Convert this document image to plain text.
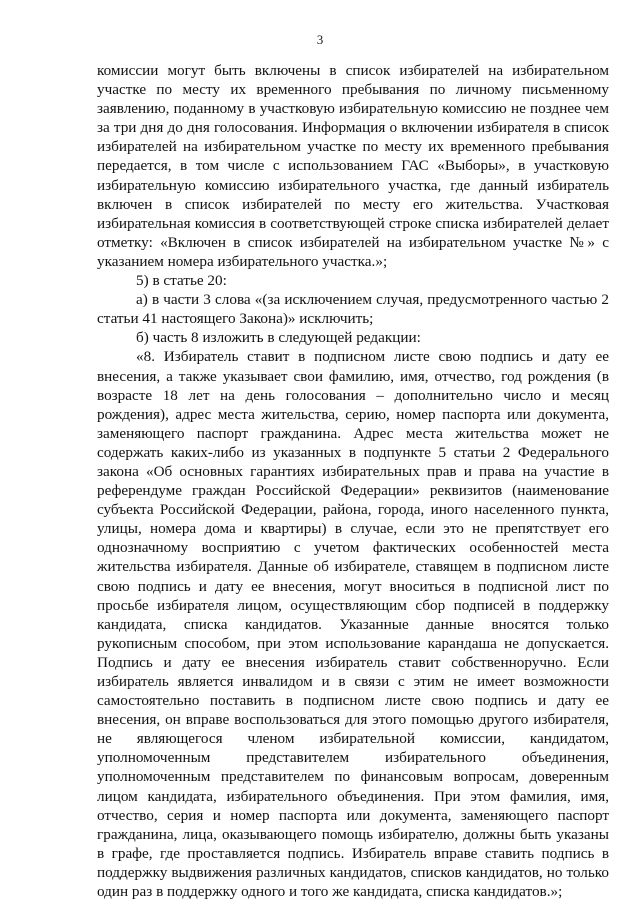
3

комиссии могут быть включены в список избирателей на избирательном участке по месту их временного пребывания по личному письменному заявлению, поданному в участковую избирательную комиссию не позднее чем за три дня до дня голосования. Информация о включении избирателя в список избирателей на избирательном участке по месту их временного пребывания передается, в том числе с использованием ГАС «Выборы», в участковую избирательную комиссию избирательного участка, где данный избиратель включен в список избирателей по месту его жительства. Участковая избирательная комиссия в соответствующей строке списка избирателей делает отметку: «Включен в список избирателей на избирательном участке №» с указанием номера избирательного участка.»;

5) в статье 20:

а) в части 3 слова «(за исключением случая, предусмотренного частью 2 статьи 41 настоящего Закона)» исключить;

б) часть 8 изложить в следующей редакции:

«8. Избиратель ставит в подписном листе свою подпись и дату ее внесения, а также указывает свои фамилию, имя, отчество, год рождения (в возрасте 18 лет на день голосования – дополнительно число и месяц рождения), адрес места жительства, серию, номер паспорта или документа, заменяющего паспорт гражданина. Адрес места жительства может не содержать каких-либо из указанных в подпункте 5 статьи 2 Федерального закона «Об основных гарантиях избирательных прав и права на участие в референдуме граждан Российской Федерации» реквизитов (наименование субъекта Российской Федерации, района, города, иного населенного пункта, улицы, номера дома и квартиры) в случае, если это не препятствует его однозначному восприятию с учетом фактических особенностей места жительства избирателя. Данные об избирателе, ставящем в подписном листе свою подпись и дату ее внесения, могут вноситься в подписной лист по просьбе избирателя лицом, осуществляющим сбор подписей в поддержку кандидата, списка кандидатов. Указанные данные вносятся только рукописным способом, при этом использование карандаша не допускается. Подпись и дату ее внесения избиратель ставит собственноручно. Если избиратель является инвалидом и в связи с этим не имеет возможности самостоятельно поставить в подписном листе свою подпись и дату ее внесения, он вправе воспользоваться для этого помощью другого избирателя, не являющегося членом избирательной комиссии, кандидатом, уполномоченным представителем избирательного объединения, уполномоченным представителем по финансовым вопросам, доверенным лицом кандидата, избирательного объединения. При этом фамилия, имя, отчество, серия и номер паспорта или документа, заменяющего паспорт гражданина, лица, оказывающего помощь избирателю, должны быть указаны в графе, где проставляется подпись. Избиратель вправе ставить подпись в поддержку выдвижения различных кандидатов, списков кандидатов, но только один раз в поддержку одного и того же кандидата, списка кандидатов.»;
